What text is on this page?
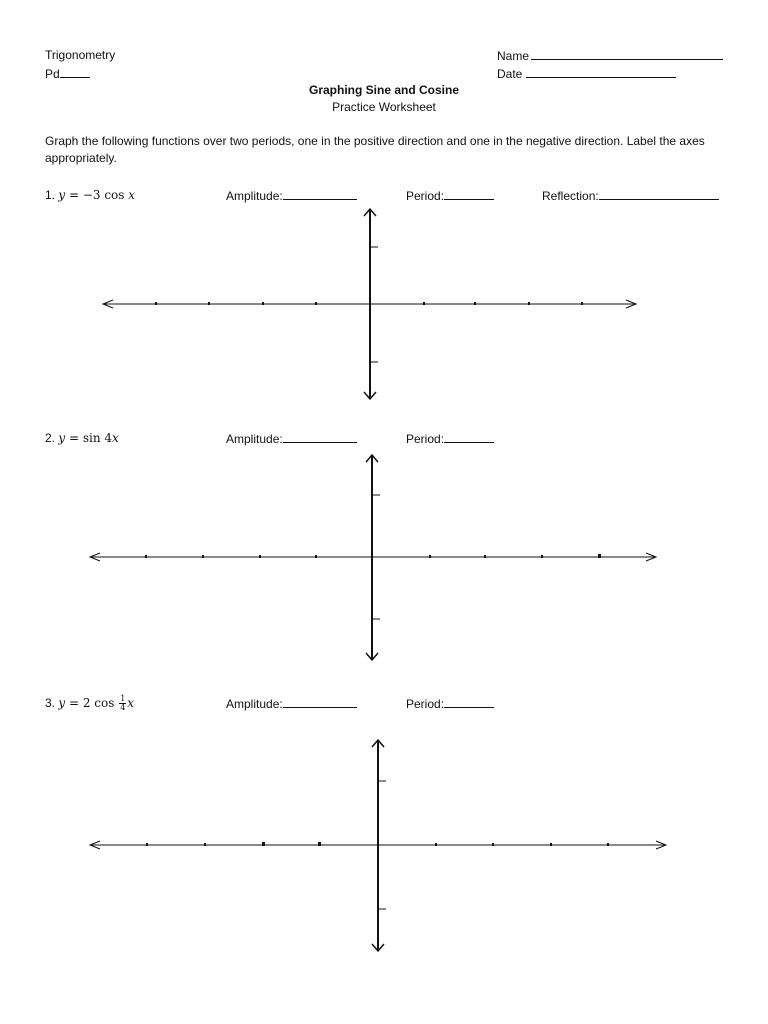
Trigonometry
Pd
Name
Date
Graphing Sine and Cosine
Practice Worksheet
Graph the following functions over two periods, one in the positive direction and one in the negative direction. Label the axes appropriately.
1. y = −3 cos x	Amplitude:	Period:	Reflection:
2. y = sin 4x	Amplitude:	Period:
3. y = 2 $\cos \frac{1}{4}$ x	Amplitude:	Period:
